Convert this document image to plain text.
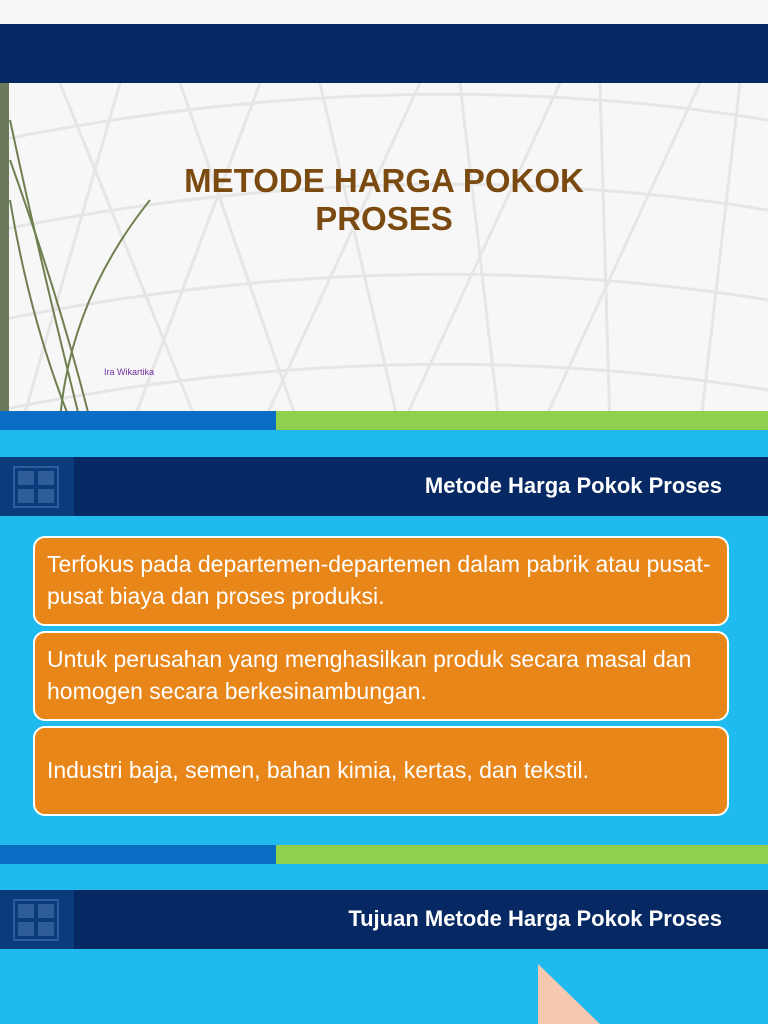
METODE HARGA POKOK
PROSES
Ira Wikartika
Metode Harga Pokok Proses
Terfokus pada departemen-departemen dalam pabrik atau pusat-pusat biaya dan proses produksi.
Untuk perusahan yang menghasilkan produk secara masal dan homogen secara berkesinambungan.
Industri baja, semen, bahan kimia, kertas, dan tekstil.
Tujuan Metode Harga Pokok Proses
